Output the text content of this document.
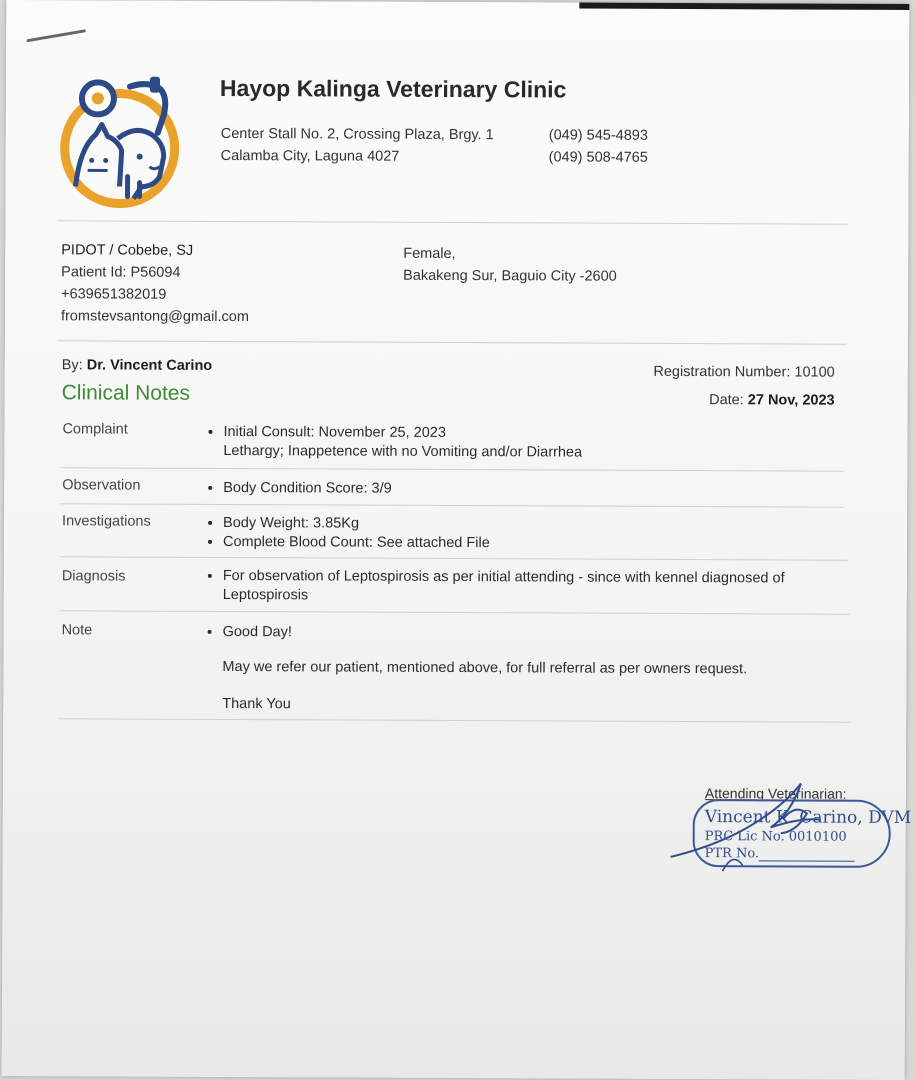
Hayop Kalinga Veterinary Clinic
Center Stall No. 2, Crossing Plaza, Brgy. 1
Calamba City, Laguna 4027
(049) 545-4893
(049) 508-4765
PIDOT / Cobebe, SJ
Patient Id: P56094
+639651382019
fromstevsantong@gmail.com
Female,
Bakakeng Sur, Baguio City -2600
By: Dr. Vincent Carino	Registration Number: 10100
Clinical Notes	Date: 27 Nov, 2023
Complaint	• Initial Consult: November 25, 2023
Lethargy; Inappetence with no Vomiting and/or Diarrhea
Observation	• Body Condition Score: 3/9
Investigations	• Body Weight: 3.85Kg
• Complete Blood Count: See attached File
Diagnosis	• For observation of Leptospirosis as per initial attending - since with kennel diagnosed of
Leptospirosis
Note	• Good Day!

May we refer our patient, mentioned above, for full referral as per owners request.

Thank You

Attending Veterinarian:
Vincent K. Carino, DVM
PRC Lic No. 0010100
PTR No.
